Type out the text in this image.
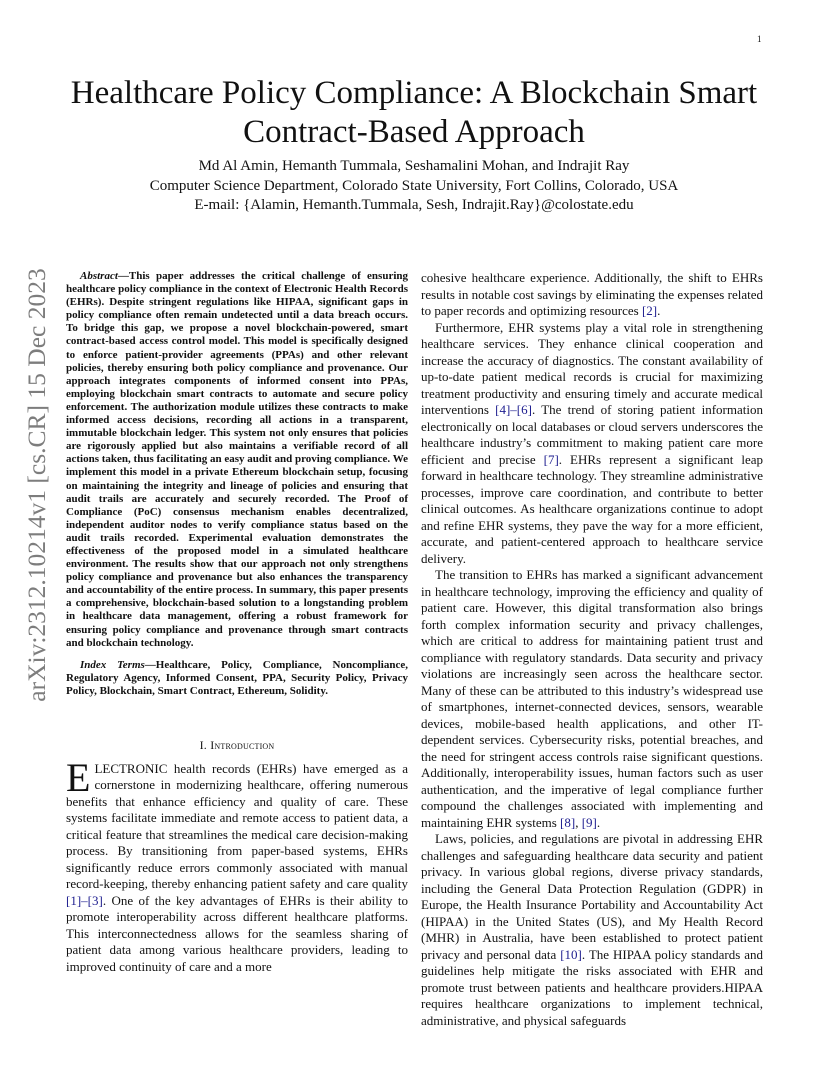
1
arXiv:2312.10214v1 [cs.CR] 15 Dec 2023
Healthcare Policy Compliance: A Blockchain Smart Contract-Based Approach
Md Al Amin, Hemanth Tummala, Seshamalini Mohan, and Indrajit Ray
Computer Science Department, Colorado State University, Fort Collins, Colorado, USA
E-mail: {Alamin, Hemanth.Tummala, Sesh, Indrajit.Ray}@colostate.edu

Abstract—This paper addresses the critical challenge of ensuring healthcare policy compliance in the context of Electronic Health Records (EHRs). Despite stringent regulations like HIPAA, significant gaps in policy compliance often remain undetected until a data breach occurs. To bridge this gap, we propose a novel blockchain-powered, smart contract-based access control model. This model is specifically designed to enforce patient-provider agreements (PPAs) and other relevant policies, thereby ensuring both policy compliance and provenance. Our approach integrates components of informed consent into PPAs, employing blockchain smart contracts to automate and secure policy enforcement. The authorization module utilizes these contracts to make informed access decisions, recording all actions in a transparent, immutable blockchain ledger. This system not only ensures that policies are rigorously applied but also maintains a verifiable record of all actions taken, thus facilitating an easy audit and proving compliance. We implement this model in a private Ethereum blockchain setup, focusing on maintaining the integrity and lineage of policies and ensuring that audit trails are accurately and securely recorded. The Proof of Compliance (PoC) consensus mechanism enables decentralized, independent auditor nodes to verify compliance status based on the audit trails recorded. Experimental evaluation demonstrates the effectiveness of the proposed model in a simulated healthcare environment. The results show that our approach not only strengthens policy compliance and provenance but also enhances the transparency and accountability of the entire process. In summary, this paper presents a comprehensive, blockchain-based solution to a longstanding problem in healthcare data management, offering a robust framework for ensuring policy compliance and provenance through smart contracts and blockchain technology.

Index Terms—Healthcare, Policy, Compliance, Noncompliance, Regulatory Agency, Informed Consent, PPA, Security Policy, Privacy Policy, Blockchain, Smart Contract, Ethereum, Solidity.

I. Introduction

ELECTRONIC health records (EHRs) have emerged as a cornerstone in modernizing healthcare, offering numerous benefits that enhance efficiency and quality of care. These systems facilitate immediate and remote access to patient data, a critical feature that streamlines the medical care decision-making process. By transitioning from paper-based systems, EHRs significantly reduce errors commonly associated with manual record-keeping, thereby enhancing patient safety and care quality [1]–[3]. One of the key advantages of EHRs is their ability to promote interoperability across different healthcare platforms. This interconnectedness allows for the seamless sharing of patient data among various healthcare providers, leading to improved continuity of care and a more

cohesive healthcare experience. Additionally, the shift to EHRs results in notable cost savings by eliminating the expenses related to paper records and optimizing resources [2].

Furthermore, EHR systems play a vital role in strengthening healthcare services. They enhance clinical cooperation and increase the accuracy of diagnostics. The constant availability of up-to-date patient medical records is crucial for maximizing treatment productivity and ensuring timely and accurate medical interventions [4]–[6]. The trend of storing patient information electronically on local databases or cloud servers underscores the healthcare industry’s commitment to making patient care more efficient and precise [7]. EHRs represent a significant leap forward in healthcare technology. They streamline administrative processes, improve care coordination, and contribute to better clinical outcomes. As healthcare organizations continue to adopt and refine EHR systems, they pave the way for a more efficient, accurate, and patient-centered approach to healthcare service delivery.

The transition to EHRs has marked a significant advancement in healthcare technology, improving the efficiency and quality of patient care. However, this digital transformation also brings forth complex information security and privacy challenges, which are critical to address for maintaining patient trust and compliance with regulatory standards. Data security and privacy violations are increasingly seen across the healthcare sector. Many of these can be attributed to this industry’s widespread use of smartphones, internet-connected devices, sensors, wearable devices, mobile-based health applications, and other IT-dependent services. Cybersecurity risks, potential breaches, and the need for stringent access controls raise significant questions. Additionally, interoperability issues, human factors such as user authentication, and the imperative of legal compliance further compound the challenges associated with implementing and maintaining EHR systems [8], [9].

Laws, policies, and regulations are pivotal in addressing EHR challenges and safeguarding healthcare data security and patient privacy. In various global regions, diverse privacy standards, including the General Data Protection Regulation (GDPR) in Europe, the Health Insurance Portability and Accountability Act (HIPAA) in the United States (US), and My Health Record (MHR) in Australia, have been established to protect patient privacy and personal data [10]. The HIPAA policy standards and guidelines help mitigate the risks associated with EHR and promote trust between patients and healthcare providers.HIPAA requires healthcare organizations to implement technical, administrative, and physical safeguards
